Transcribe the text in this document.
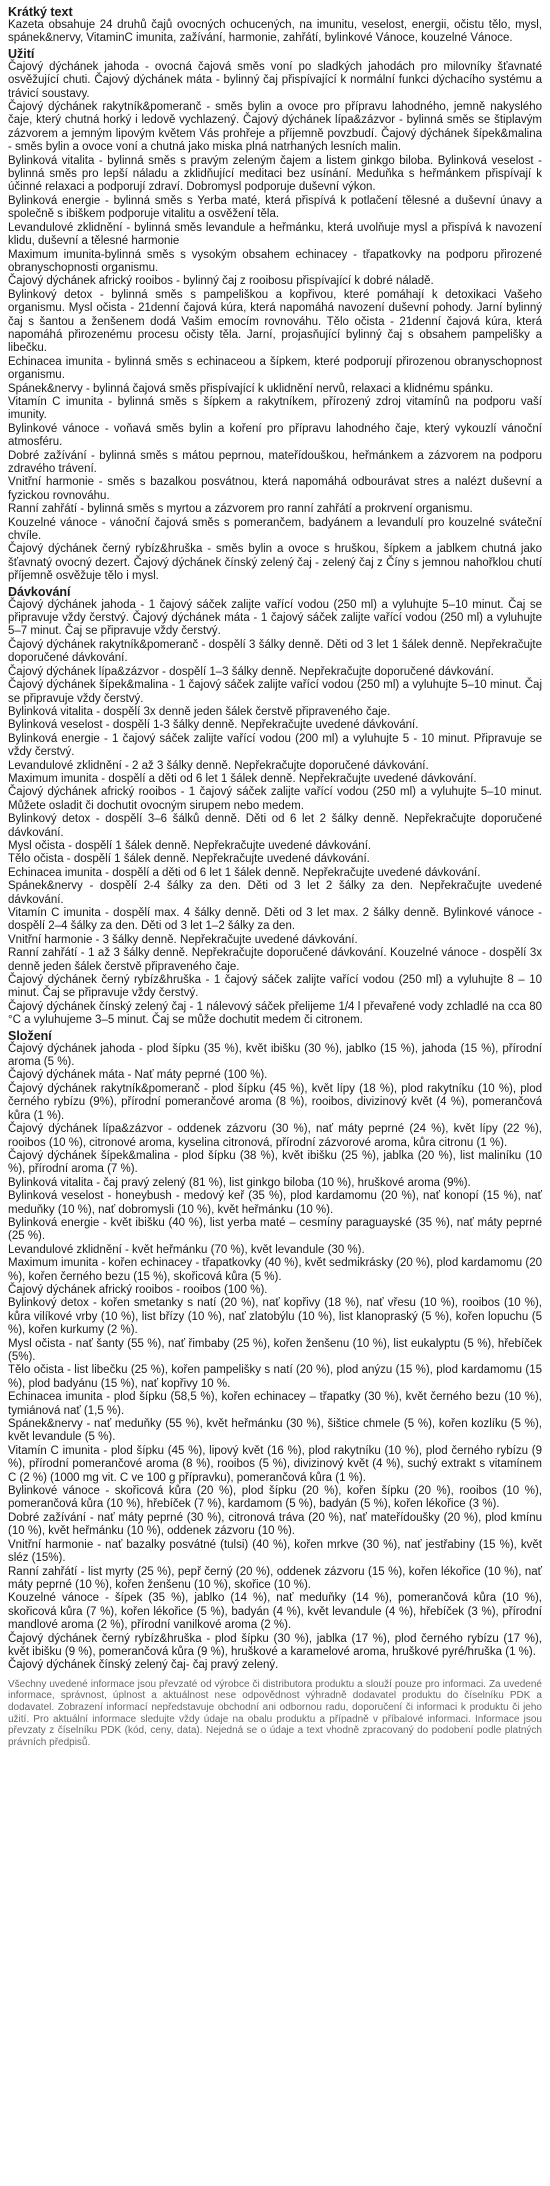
Krátký text

Kazeta obsahuje 24 druhů čajů ovocných ochucených, na imunitu, veselost, energii, očistu tělo, mysl, spánek&nervy, VitaminC imunita, zažívání, harmonie, zahřátí, bylinkové Vánoce, kouzelné Vánoce.

Užití

Čajový dýchánek jahoda - ovocná čajová směs voní po sladkých jahodách pro milovníky šťavnaté osvěžující chuti. Čajový dýchánek máta - bylinný čaj přispívající k normální funkci dýchacího systému a trávicí soustavy.

Čajový dýchánek rakytník&pomeranč - směs bylin a ovoce pro přípravu lahodného, jemně nakyslého čaje, který chutná horký i ledově vychlazený. Čajový dýchánek lípa&zázvor - bylinná směs se štiplavým zázvorem a jemným lipovým květem Vás prohřeje a příjemně povzbudí. Čajový dýchánek šípek&malina - směs bylin a ovoce voní a chutná jako miska plná natrhaných lesních malin.

Bylinková vitalita - bylinná směs s pravým zeleným čajem a listem ginkgo biloba. Bylinková veselost - bylinná směs pro lepší náladu a zklidňující meditaci bez usínání. Meduňka s heřmánkem přispívají k účinné relaxaci a podporují zdraví. Dobromysl podporuje duševní výkon.

Bylinková energie - bylinná směs s Yerba maté, která přispívá k potlačení tělesné a duševní únavy a společně s ibiškem podporuje vitalitu a osvěžení těla.

Levandulové zklidnění - bylinná směs levandule a heřmánku, která uvolňuje mysl a přispívá k navození klidu, duševní a tělesné harmonie

Maximum imunita-bylinná směs s vysokým obsahem echinacey - třapatkovky na podporu přirozené obranyschopnosti organismu.

Čajový dýchánek africký rooibos - bylinný čaj z rooibosu přispívající k dobré náladě.

Bylinkový detox - bylinná směs s pampeliškou a kopřivou, které pomáhají k detoxikaci Vašeho organismu. Mysl očista - 21denní čajová kúra, která napomáhá navození duševní pohody. Jarní bylinný čaj s šantou a ženšenem dodá Vašim emocím rovnováhu. Tělo očista - 21denní čajová kúra, která napomáhá přirozenému procesu očisty těla. Jarní, projasňující bylinný čaj s obsahem pampelišky a libečku.

Echinacea imunita - bylinná směs s echinaceou a šípkem, které podporují přirozenou obranyschopnost organismu.

Spánek&nervy - bylinná čajová směs přispívající k uklidnění nervů, relaxaci a klidnému spánku.

Vitamín C imunita - bylinná směs s šípkem a rakytníkem, přírozený zdroj vitamínů na podporu vaší imunity.

Bylinkové vánoce - voňavá směs bylin a koření pro přípravu lahodného čaje, který vykouzlí vánoční atmosféru.

Dobré zažívání - bylinná směs s mátou peprnou, mateřídouškou, heřmánkem a zázvorem na podporu zdravého trávení.

Vnitřní harmonie - směs s bazalkou posvátnou, která napomáhá odbourávat stres a nalézt duševní a fyzickou rovnováhu.

Ranní zahřátí - bylinná směs s myrtou a zázvorem pro ranní zahřátí a prokrvení organismu.

Kouzelné vánoce - vánoční čajová směs s pomerančem, badyánem a levandulí pro kouzelné sváteční chvíle.

Čajový dýchánek černý rybíz&hruška - směs bylin a ovoce s hruškou, šípkem a jablkem chutná jako šťavnatý ovocný dezert. Čajový dýchánek čínský zelený čaj - zelený čaj z Číny s jemnou nahořklou chutí příjemně osvěžuje tělo i mysl.

Dávkování

Čajový dýchánek jahoda - 1 čajový sáček zalijte vařící vodou (250 ml) a vyluhujte 5–10 minut. Čaj se připravuje vždy čerstvý. Čajový dýchánek máta - 1 čajový sáček zalijte vařící vodou (250 ml) a vyluhujte 5–7 minut. Čaj se připravuje vždy čerstvý.

Čajový dýchánek rakytník&pomeranč - dospělí 3 šálky denně. Děti od 3 let 1 šálek denně. Nepřekračujte doporučené dávkování.

Čajový dýchánek lípa&zázvor - dospělí 1–3 šálky denně. Nepřekračujte doporučené dávkování.

Čajový dýchánek šípek&malina - 1 čajový sáček zalijte vařící vodou (250 ml) a vyluhujte 5–10 minut. Čaj se připravuje vždy čerstvý.

Bylinková vitalita - dospělí 3x denně jeden šálek čerstvě připraveného čaje.

Bylinková veselost - dospělí 1-3 šálky denně. Nepřekračujte uvedené dávkování.

Bylinková energie - 1 čajový sáček zalijte vařící vodou (200 ml) a vyluhujte 5 - 10 minut. Připravuje se vždy čerstvý.

Levandulové zklidnění - 2 až 3 šálky denně. Nepřekračujte doporučené dávkování.

Maximum imunita - dospělí a děti od 6 let 1 šálek denně. Nepřekračujte uvedené dávkování.

Čajový dýchánek africký rooibos - 1 čajový sáček zalijte vařící vodou (250 ml) a vyluhujte 5–10 minut. Můžete osladit či dochutit ovocným sirupem nebo medem.

Bylinkový detox - dospělí 3–6 šálků denně. Děti od 6 let 2 šálky denně. Nepřekračujte doporučené dávkování.

Mysl očista - dospělí 1 šálek denně. Nepřekračujte uvedené dávkování.

Tělo očista - dospělí 1 šálek denně. Nepřekračujte uvedené dávkování.

Echinacea imunita - dospělí a děti od 6 let 1 šálek denně. Nepřekračujte uvedené dávkování.

Spánek&nervy - dospělí 2-4 šálky za den. Děti od 3 let 2 šálky za den. Nepřekračujte uvedené dávkování.

Vitamín C imunita - dospělí max. 4 šálky denně. Děti od 3 let max. 2 šálky denně. Bylinkové vánoce - dospělí 2–4 šálky za den. Děti od 3 let 1–2 šálky za den.

Vnitřní harmonie - 3 šálky denně. Nepřekračujte uvedené dávkování.

Ranní zahřátí - 1 až 3 šálky denně. Nepřekračujte doporučené dávkování. Kouzelné vánoce - dospělí 3x denně jeden šálek čerstvě připraveného čaje.

Čajový dýchánek černý rybíz&hruška - 1 čajový sáček zalijte vařící vodou (250 ml) a vyluhujte 8 – 10 minut. Čaj se připravuje vždy čerstvý.

Čajový dýchánek čínský zelený čaj - 1 nálevový sáček přelijeme 1/4 l převařené vody zchladlé na cca 80 °C a vyluhujeme 3–5 minut. Čaj se může dochutit medem či citronem.

Složení

Čajový dýchánek jahoda - plod šípku (35 %), květ ibišku (30 %), jablko (15 %), jahoda (15 %), přírodní aroma (5 %).

Čajový dýchánek máta - Nať máty peprné (100 %).

Čajový dýchánek rakytník&pomeranč - plod šípku (45 %), květ lípy (18 %), plod rakytníku (10 %), plod černého rybízu (9%), přírodní pomerančové aroma (8 %), rooibos, divizinový květ (4 %), pomerančová kůra (1 %).

Čajový dýchánek lípa&zázvor - oddenek zázvoru (30 %), nať máty peprné (24 %), květ lípy (22 %), rooibos (10 %), citronové aroma, kyselina citronová, přírodní zázvorové aroma, kůra citronu (1 %).

Čajový dýchánek šípek&malina - plod šípku (38 %), květ ibišku (25 %), jablka (20 %), list maliníku (10 %), přírodní aroma (7 %).

Bylinková vitalita - čaj pravý zelený (81 %), list ginkgo biloba (10 %), hruškové aroma (9%).

Bylinková veselost - honeybush - medový keř (35 %), plod kardamomu (20 %), nať konopí (15 %), nať meduňky (10 %), nať dobromysli (10 %), květ heřmánku (10 %).

Bylinková energie - květ ibišku (40 %), list yerba maté – cesmíny paraguayské (35 %), nať máty peprné (25 %).

Levandulové zklidnění - květ heřmánku (70 %), květ levandule (30 %).

Maximum imunita - kořen echinacey - třapatkovky (40 %), květ sedmikrásky (20 %), plod kardamomu (20 %), kořen černého bezu (15 %), skořicová kůra (5 %).

Čajový dýchánek africký rooibos - rooibos (100 %).

Bylinkový detox - kořen smetanky s natí (20 %), nať kopřivy (18 %), nať vřesu (10 %), rooibos (10 %), kůra vilíkové vrby (10 %), list břízy (10 %), nať zlatobýlu (10 %), list klanopraský (5 %), kořen lopuchu (5 %), kořen kurkumy (2 %).

Mysl očista - nať šanty (55 %), nať řimbaby (25 %), kořen ženšenu (10 %), list eukalyptu (5 %), hřebíček (5%).

Tělo očista - list libečku (25 %), kořen pampelišky s natí (20 %), plod anýzu (15 %), plod kardamomu (15 %), plod badyánu (15 %), nať kopřivy 10 %.

Echinacea imunita - plod šípku (58,5 %), kořen echinacey – třapatky (30 %), květ černého bezu (10 %), tymiánová nať (1,5 %).

Spánek&nervy - nať meduňky (55 %), květ heřmánku (30 %), šištice chmele (5 %), kořen kozlíku (5 %), květ levandule (5 %).

Vitamín C imunita - plod šípku (45 %), lipový květ (16 %), plod rakytníku (10 %), plod černého rybízu (9 %), přírodní pomerančové aroma (8 %), rooibos (5 %), divizinový květ (4 %), suchý extrakt s vitamínem C (2 %) (1000 mg vit. C ve 100 g přípravku), pomerančová kůra (1 %).

Bylinkové vánoce - skořicová kůra (20 %), plod šípku (20 %), kořen šípku (20 %), rooibos (10 %), pomerančová kůra (10 %), hřebíček (7 %), kardamom (5 %), badyán (5 %), kořen lékořice (3 %).

Dobré zažívání - nať máty peprné (30 %), citronová tráva (20 %), nať mateřídoušky (20 %), plod kmínu (10 %), květ heřmánku (10 %), oddenek zázvoru (10 %).

Vnitřní harmonie - nať bazalky posvátné (tulsi) (40 %), kořen mrkve (30 %), nať jestřabiny (15 %), květ sléz (15%).

Ranní zahřátí - list myrty (25 %), pepř černý (20 %), oddenek zázvoru (15 %), kořen lékořice (10 %), nať máty peprné (10 %), kořen ženšenu (10 %), skořice (10 %).

Kouzelné vánoce - šípek (35 %), jablko (14 %), nať meduňky (14 %), pomerančová kůra (10 %), skořicová kůra (7 %), kořen lékořice (5 %), badyán (4 %), květ levandule (4 %), hřebíček (3 %), přírodní mandlové aroma (2 %), přírodní vanilkové aroma (2 %).

Čajový dýchánek černý rybíz&hruška - plod šípku (30 %), jablka (17 %), plod černého rybízu (17 %), květ ibišku (9 %), pomerančová kůra (9 %), hruškové a karamelové aroma, hruškové pyré/hruška (1 %).

Čajový dýchánek čínský zelený čaj- čaj pravý zelený.

Všechny uvedené informace jsou převzaté od výrobce či distributora produktu a slouží pouze pro informaci. Za uvedené informace, správnost, úplnost a aktuálnost nese odpovědnost výhradně dodavatel produktu do číselníku PDK a dodavatel. Zobrazení informací nepředstavuje obchodní ani odbornou radu, doporučení či informaci k produktu či jeho užití. Pro aktuální informace sledujte vždy údaje na obalu produktu a případně v příbalové informaci. Informace jsou převzaty z číselníku PDK (kód, ceny, data). Nejedná se o údaje a text vhodně zpracovaný do podobení podle platných právních předpisů.
